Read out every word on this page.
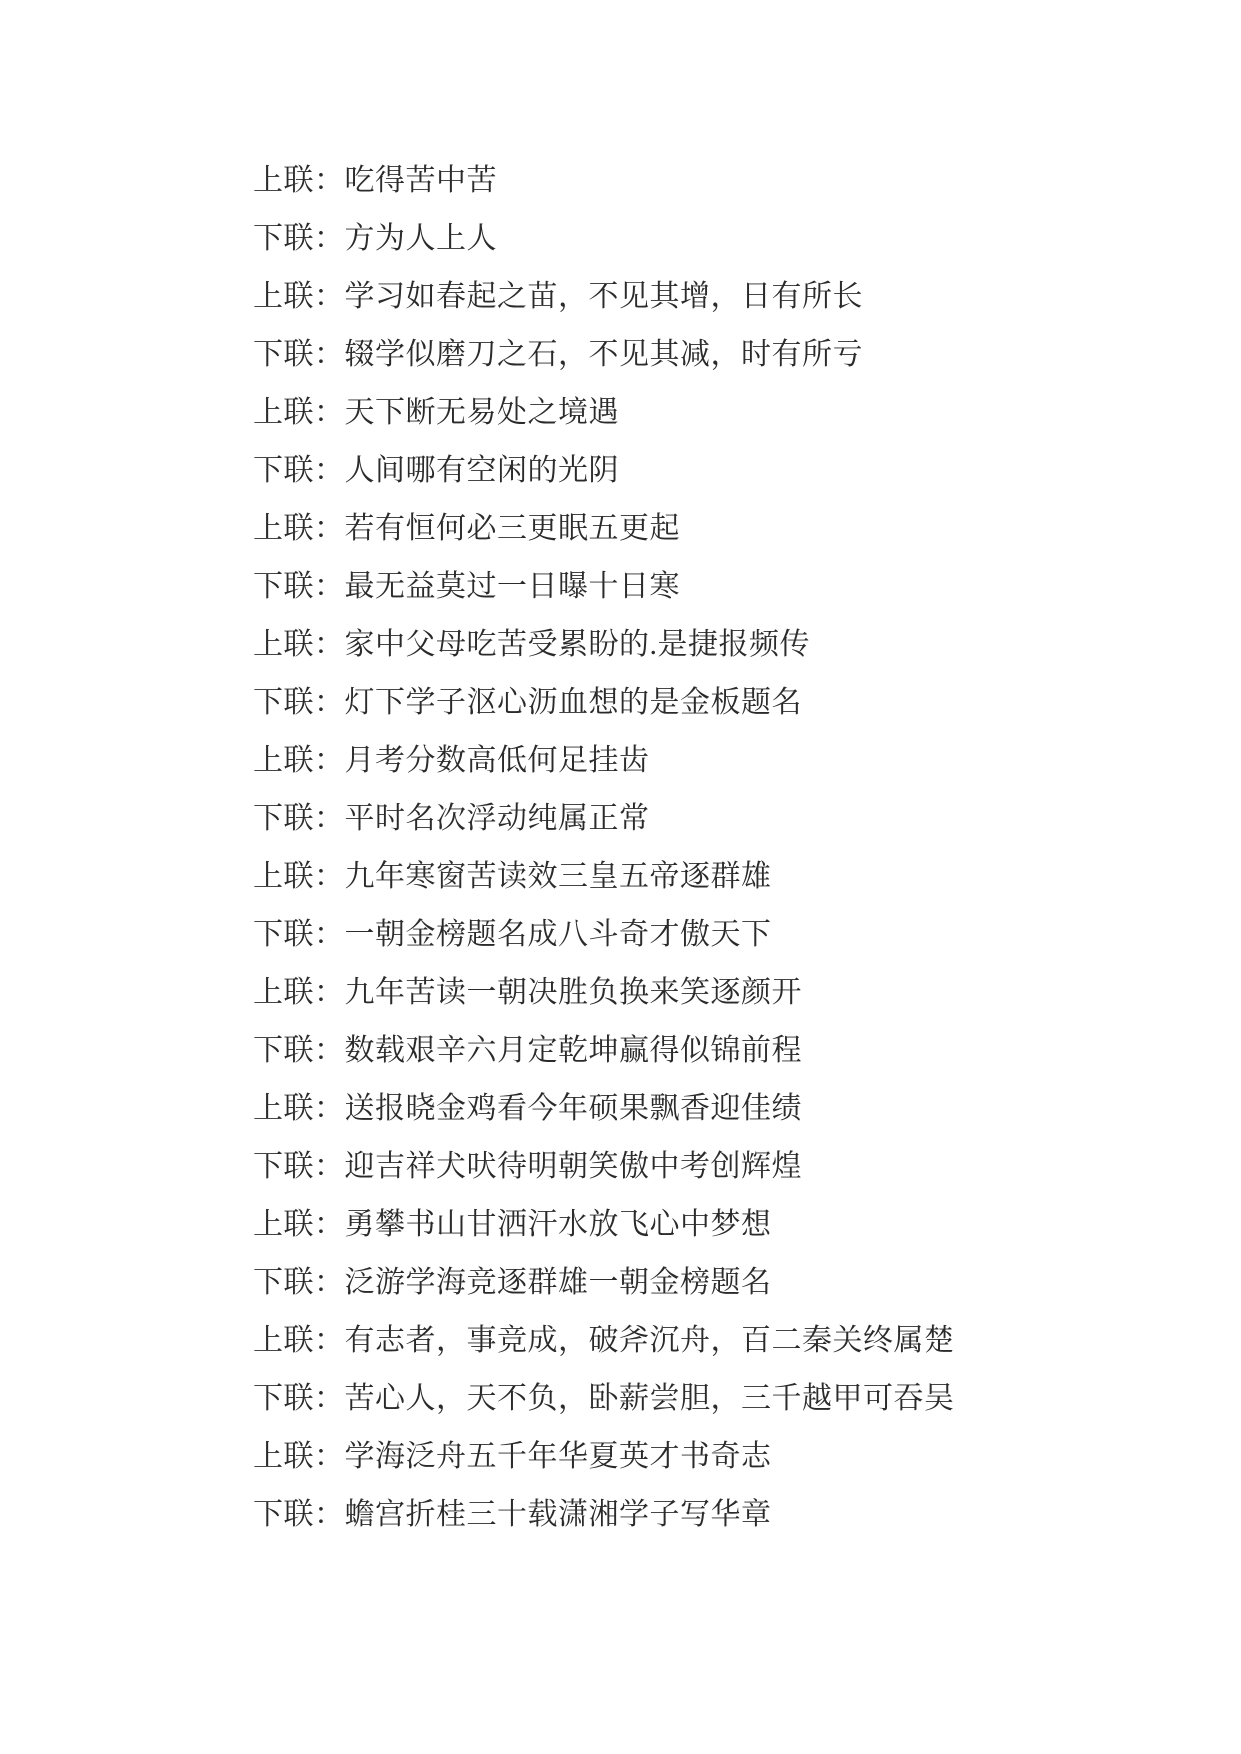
上联：吃得苦中苦

下联：方为人上人

上联：学习如春起之苗，不见其增，日有所长

下联：辍学似磨刀之石，不见其减，时有所亏

上联：天下断无易处之境遇

下联：人间哪有空闲的光阴

上联：若有恒何必三更眠五更起

下联：最无益莫过一日曝十日寒

上联：家中父母吃苦受累盼的.是捷报频传

下联：灯下学子沤心沥血想的是金板题名

上联：月考分数高低何足挂齿

下联：平时名次浮动纯属正常

上联：九年寒窗苦读效三皇五帝逐群雄

下联：一朝金榜题名成八斗奇才傲天下

上联：九年苦读一朝决胜负换来笑逐颜开

下联：数载艰辛六月定乾坤赢得似锦前程

上联：送报晓金鸡看今年硕果飘香迎佳绩

下联：迎吉祥犬吠待明朝笑傲中考创辉煌

上联：勇攀书山甘洒汗水放飞心中梦想

下联：泛游学海竞逐群雄一朝金榜题名

上联：有志者，事竞成，破斧沉舟，百二秦关终属楚

下联：苦心人，天不负，卧薪尝胆，三千越甲可吞吴

上联：学海泛舟五千年华夏英才书奇志

下联：蟾宫折桂三十载潇湘学子写华章
